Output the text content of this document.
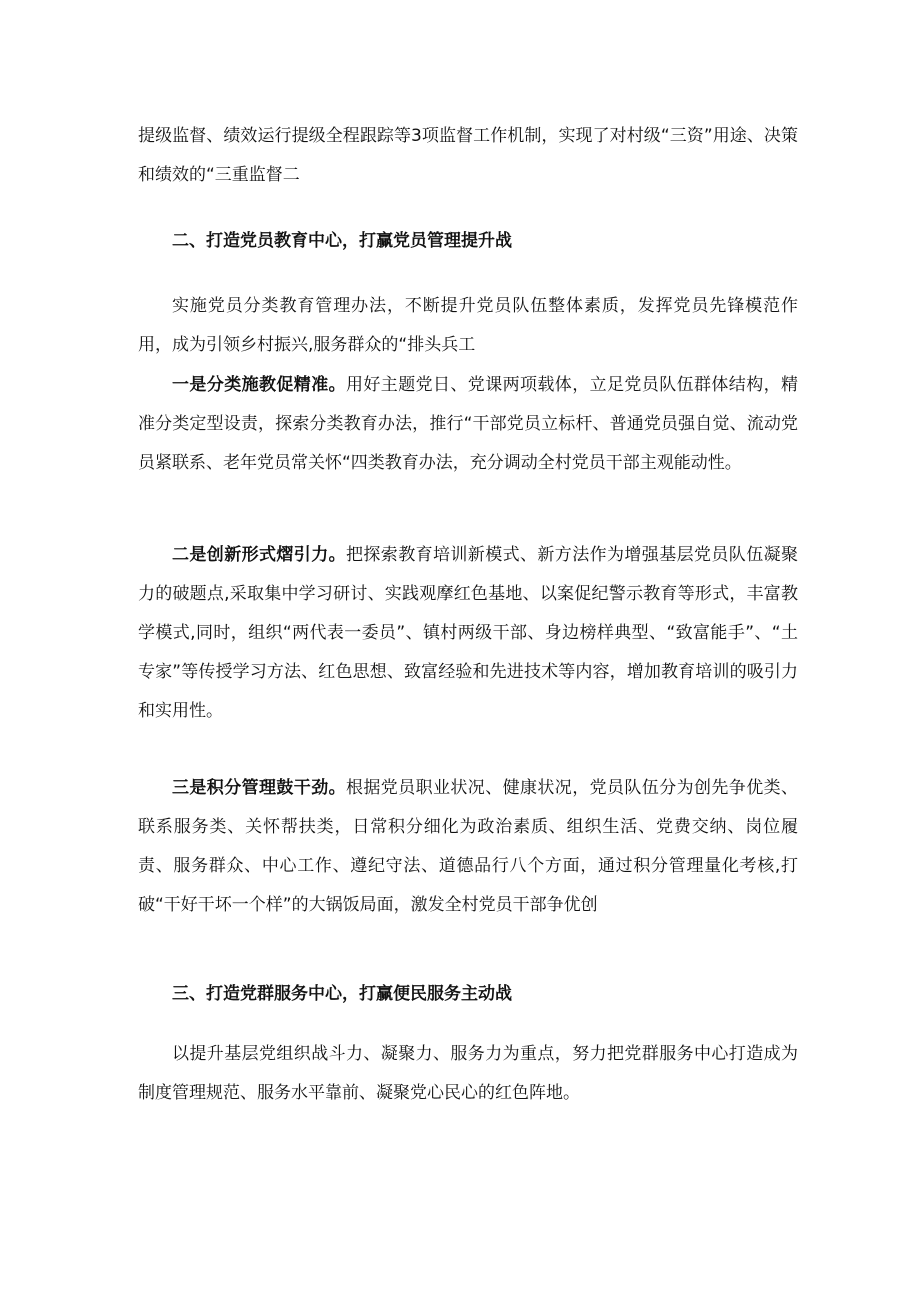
提级监督、绩效运行提级全程跟踪等3项监督工作机制，实现了对村级“三资”用途、决策和绩效的“三重监督二

二、打造党员教育中心，打赢党员管理提升战

实施党员分类教育管理办法，不断提升党员队伍整体素质，发挥党员先锋模范作用，成为引领乡村振兴,服务群众的“排头兵工

一是分类施教促精准。用好主题党日、党课两项载体，立足党员队伍群体结构，精准分类定型设责，探索分类教育办法，推行“干部党员立标杆、普通党员强自觉、流动党员紧联系、老年党员常关怀“四类教育办法，充分调动全村党员干部主观能动性。

二是创新形式熠引力。把探索教育培训新模式、新方法作为增强基层党员队伍凝聚力的破题点,采取集中学习研讨、实践观摩红色基地、以案促纪警示教育等形式，丰富教学模式,同时，组织“两代表一委员”、镇村两级干部、身边榜样典型、“致富能手”、“土专家”等传授学习方法、红色思想、致富经验和先进技术等内容，增加教育培训的吸引力和实用性。

三是积分管理鼓干劲。根据党员职业状况、健康状况，党员队伍分为创先争优类、联系服务类、关怀帮扶类，日常积分细化为政治素质、组织生活、党费交纳、岗位履责、服务群众、中心工作、遵纪守法、道德品行八个方面，通过积分管理量化考核,打破“干好干坏一个样”的大锅饭局面，激发全村党员干部争优创

三、打造党群服务中心，打赢便民服务主动战

以提升基层党组织战斗力、凝聚力、服务力为重点，努力把党群服务中心打造成为制度管理规范、服务水平靠前、凝聚党心民心的红色阵地。
